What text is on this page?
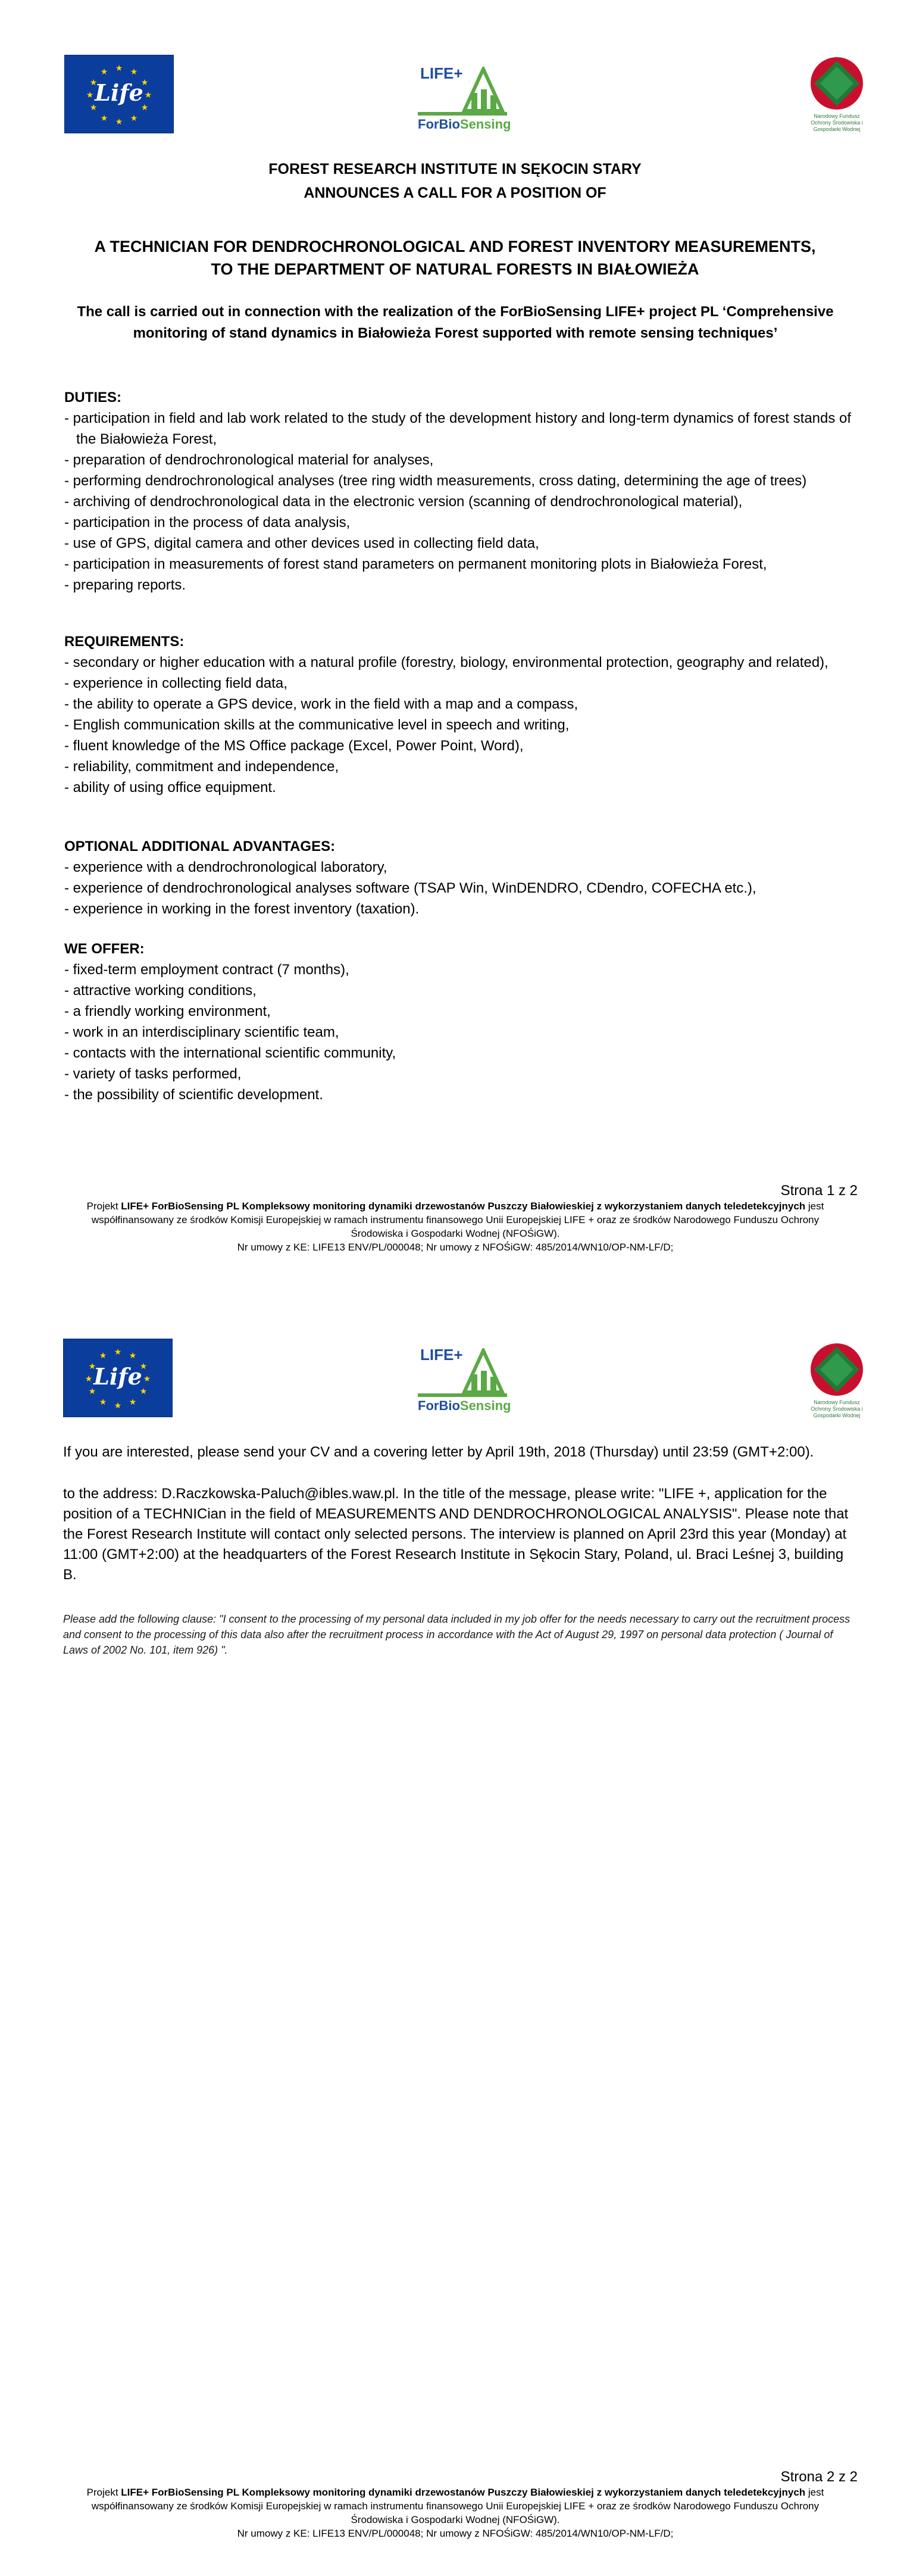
★ ★
★
★
★
★
★
★
★
★
★
★
Life
LIFE+
ForBioSensing
Narodowy Fundusz Ochrony Środowiska i Gospodarki Wodnej
FOREST RESEARCH INSTITUTE IN SĘKOCIN STARY
ANNOUNCES A CALL FOR A POSITION OF
A TECHNICIAN FOR DENDROCHRONOLOGICAL AND FOREST INVENTORY MEASUREMENTS,
TO THE DEPARTMENT OF NATURAL FORESTS IN BIAŁOWIEŻA
The call is carried out in connection with the realization of the ForBioSensing LIFE+ project PL ‘Comprehensive monitoring of stand dynamics in Białowieża Forest supported with remote sensing techniques’

DUTIES:

- participation in field and lab work related to the study of the development history and long-term dynamics of forest stands of the Białowieża Forest,
- preparation of dendrochronological material for analyses,
- performing dendrochronological analyses (tree ring width measurements, cross dating, determining the age of trees)
- archiving of dendrochronological data in the electronic version (scanning of dendrochronological material),
- participation in the process of data analysis,
- use of GPS, digital camera and other devices used in collecting field data,
- participation in measurements of forest stand parameters on permanent monitoring plots in Białowieża Forest,
- preparing reports.

REQUIREMENTS:

- secondary or higher education with a natural profile (forestry, biology, environmental protection, geography and related),
- experience in collecting field data,
- the ability to operate a GPS device, work in the field with a map and a compass,
- English communication skills at the communicative level in speech and writing,
- fluent knowledge of the MS Office package (Excel, Power Point, Word),
- reliability, commitment and independence,
- ability of using office equipment.

OPTIONAL ADDITIONAL ADVANTAGES:

- experience with a dendrochronological laboratory,
- experience of dendrochronological analyses software (TSAP Win, WinDENDRO, CDendro, COFECHA etc.),
- experience in working in the forest inventory (taxation).

WE OFFER:

- fixed-term employment contract (7 months),
- attractive working conditions,
- a friendly working environment,
- work in an interdisciplinary scientific team,
- contacts with the international scientific community,
- variety of tasks performed,
- the possibility of scientific development.
Strona 1 z 2
Projekt LIFE+ ForBioSensing PL Kompleksowy monitoring dynamiki drzewostanów Puszczy Białowieskiej z wykorzystaniem danych teledetekcyjnych jest współfinansowany ze środków Komisji Europejskiej w ramach instrumentu finansowego Unii Europejskiej LIFE + oraz ze środków Narodowego Funduszu Ochrony Środowiska i Gospodarki Wodnej (NFOŚiGW).
Nr umowy z KE: LIFE13 ENV/PL/000048; Nr umowy z NFOŚiGW: 485/2014/WN10/OP-NM-LF/D;
★ ★
★
★
★
★
★
★
★
★
★
★
Life
LIFE+
ForBioSensing	Narodowy Fundusz Ochrony Środowiska i Gospodarki Wodnej
If you are interested, please send your CV and a covering letter by April 19th, 2018 (Thursday) until 23:59 (GMT+2:00).
to the address: D.Raczkowska-Paluch@ibles.waw.pl. In the title of the message, please write: "LIFE +, application for the position of a TECHNICian in the field of MEASUREMENTS AND DENDROCHRONOLOGICAL ANALYSIS". Please note that the Forest Research Institute will contact only selected persons. The interview is planned on April 23rd this year (Monday) at 11:00 (GMT+2:00) at the headquarters of the Forest Research Institute in Sękocin Stary, Poland, ul. Braci Leśnej 3, building B.
Please add the following clause: "I consent to the processing of my personal data included in my job offer for the needs necessary to carry out the recruitment process and consent to the processing of this data also after the recruitment process in accordance with the Act of August 29, 1997 on personal data protection ( Journal of Laws of 2002 No. 101, item 926) ".
Strona 2 z 2
Projekt LIFE+ ForBioSensing PL Kompleksowy monitoring dynamiki drzewostanów Puszczy Białowieskiej z wykorzystaniem danych teledetekcyjnych jest współfinansowany ze środków Komisji Europejskiej w ramach instrumentu finansowego Unii Europejskiej LIFE + oraz ze środków Narodowego Funduszu Ochrony Środowiska i Gospodarki Wodnej (NFOŚiGW).
Nr umowy z KE: LIFE13 ENV/PL/000048; Nr umowy z NFOŚiGW: 485/2014/WN10/OP-NM-LF/D;
